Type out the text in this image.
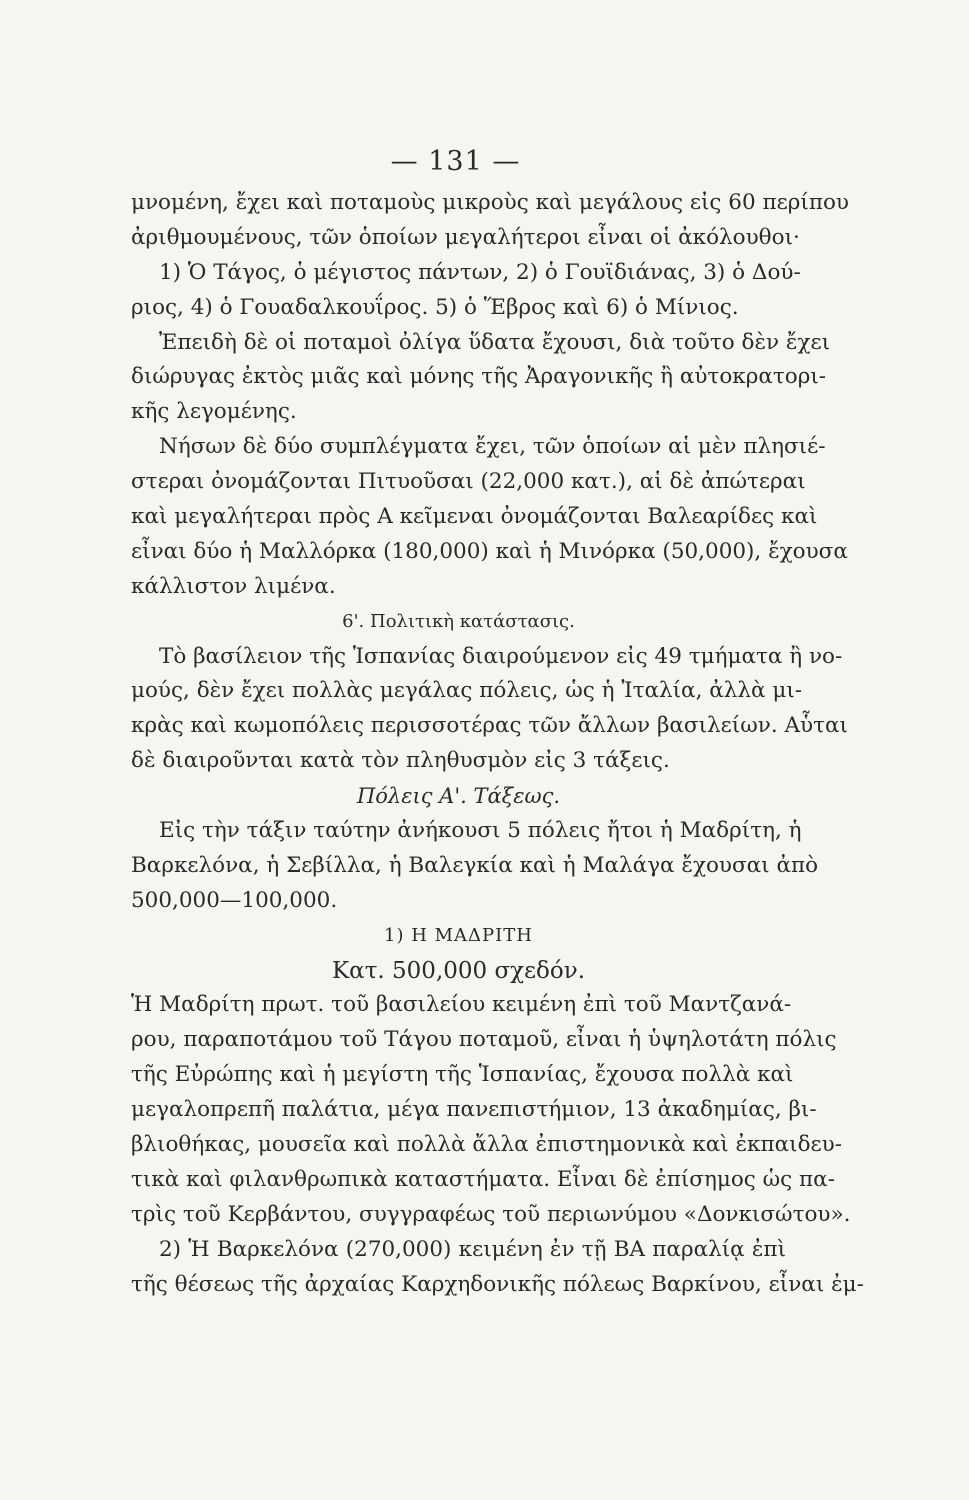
— 131 —
μνομένη, ἔχει καὶ ποταμοὺς μικροὺς καὶ μεγάλους εἰς 60 περίπου
ἀριθμουμένους, τῶν ὁποίων μεγαλήτεροι εἶναι οἱ ἀκόλουθοι·
1) Ὁ Τάγος, ὁ μέγιστος πάντων, 2) ὁ Γουϊδιάνας, 3) ὁ Δού-
ριος, 4) ὁ Γουαδαλκουΐρος. 5) ὁ Ἕβρος καὶ 6) ὁ Μίνιος.
Ἐπειδὴ δὲ οἱ ποταμοὶ ὀλίγα ὕδατα ἔχουσι, διὰ τοῦτο δὲν ἔχει
διώρυγας ἐκτὸς μιᾶς καὶ μόνης τῆς Ἀραγονικῆς ἢ αὐτοκρατορι-
κῆς λεγομένης.
Νήσων δὲ δύο συμπλέγματα ἔχει, τῶν ὁποίων αἱ μὲν πλησιέ-
στεραι ὀνομάζονται Πιτυοῦσαι (22,000 κατ.), αἱ δὲ ἀπώτεραι
καὶ μεγαλήτεραι πρὸς Α κεῖμεναι ὀνομάζονται Βαλεαρίδες καὶ
εἶναι δύο ἡ Μαλλόρκα (180,000) καὶ ἡ Μινόρκα (50,000), ἔχουσα
κάλλιστον λιμένα.
6'. Πολιτικὴ κατάστασις.
Τὸ βασίλειον τῆς Ἱσπανίας διαιρούμενον εἰς 49 τμήματα ἢ νο-
μούς, δὲν ἔχει πολλὰς μεγάλας πόλεις, ὡς ἡ Ἰταλία, ἀλλὰ μι-
κρὰς καὶ κωμοπόλεις περισσοτέρας τῶν ἄλλων βασιλείων. Αὗται
δὲ διαιροῦνται κατὰ τὸν πληθυσμὸν εἰς 3 τάξεις.
Πόλεις Α'. Τάξεως.
Εἰς τὴν τάξιν ταύτην ἀνήκουσι 5 πόλεις ἤτοι ἡ Μαδρίτη, ἡ
Βαρκελόνα, ἡ Σεβίλλα, ἡ Βαλεγκία καὶ ἡ Μαλάγα ἔχουσαι ἀπὸ
500,000—100,000.
1) Η ΜΑΔΡΙΤΗ
Κατ. 500,000 σχεδόν.
Ἡ Μαδρίτη πρωτ. τοῦ βασιλείου κειμένη ἐπὶ τοῦ Μαντζανά-
ρου, παραποτάμου τοῦ Τάγου ποταμοῦ, εἶναι ἡ ὑψηλοτάτη πόλις
τῆς Εὐρώπης καὶ ἡ μεγίστη τῆς Ἱσπανίας, ἔχουσα πολλὰ καὶ
μεγαλοπρεπῆ παλάτια, μέγα πανεπιστήμιον, 13 ἀκαδημίας, βι-
βλιοθήκας, μουσεῖα καὶ πολλὰ ἄλλα ἐπιστημονικὰ καὶ ἐκπαιδευ-
τικὰ καὶ φιλανθρωπικὰ καταστήματα. Εἶναι δὲ ἐπίσημος ὡς πα-
τρὶς τοῦ Κερβάντου, συγγραφέως τοῦ περιωνύμου «Δονκισώτου».
2) Ἡ Βαρκελόνα (270,000) κειμένη ἐν τῇ ΒΑ παραλίᾳ ἐπὶ
τῆς θέσεως τῆς ἀρχαίας Καρχηδονικῆς πόλεως Βαρκίνου, εἶναι ἐμ-
